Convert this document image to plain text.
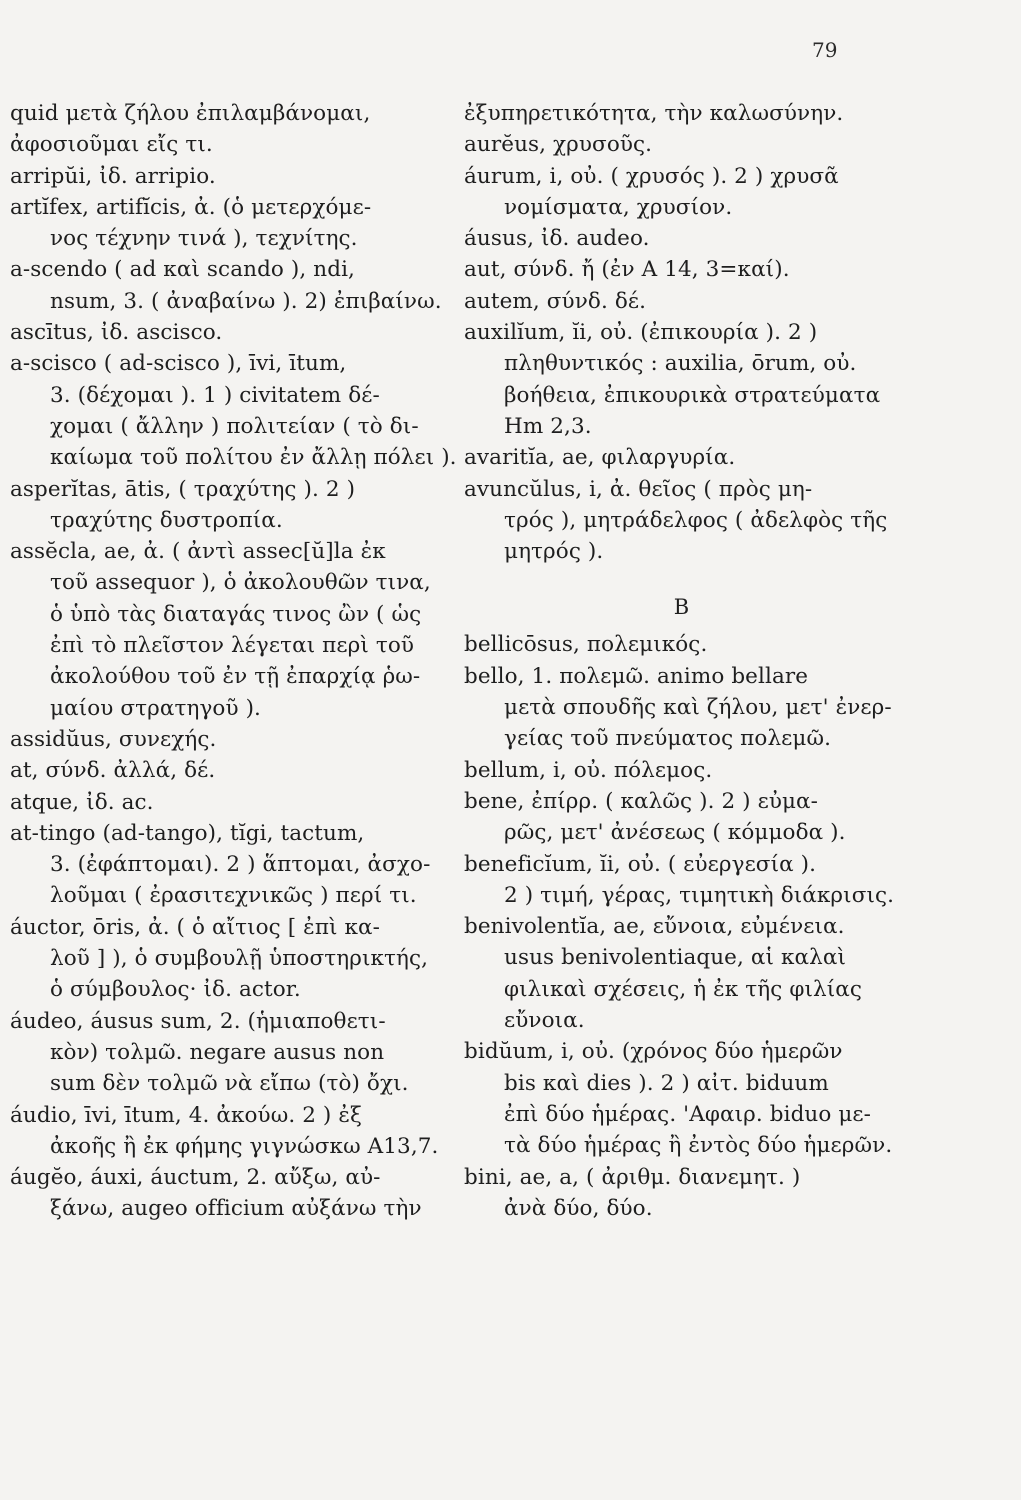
79
quid μετὰ ζήλου ἐπιλαμβάνομαι,
ἀφοσιοῦμαι εἴς τι.
arripŭi, ἰδ. arripio.
artĭfex, artifĭcis, ἀ. (ὁ μετερχόμε-
νος τέχνην τινά ), τεχνίτης.
a-scendo ( ad καὶ scando ), ndi,
nsum, 3. ( ἀναβαίνω ). 2) ἐπιβαίνω.
ascītus, ἰδ. ascisco.
a-scisco ( ad-scisco ), īvi, ītum,
3. (δέχομαι ). 1 ) civitatem δέ-
χομαι ( ἄλλην ) πολιτείαν ( τὸ δι-
καίωμα τοῦ πολίτου ἐν ἄλλῃ πόλει ).
asperĭtas, ātis, ( τραχύτης ). 2 )
τραχύτης δυστροπία.
assĕcla, ae, ἀ. ( ἀντὶ assec[ŭ]la ἐκ
τοῦ assequor ), ὁ ἀκολουθῶν τινα,
ὁ ὑπὸ τὰς διαταγάς τινος ὢν ( ὡς
ἐπὶ τὸ πλεῖστον λέγεται περὶ τοῦ
ἀκολούθου τοῦ ἐν τῇ ἐπαρχίᾳ ῥω-
μαίου στρατηγοῦ ).
assidŭus, συνεχής.
at, σύνδ. ἀλλά, δέ.
atque, ἰδ. ac.
at-tingo (ad-tango), tĭgi, tactum,
3. (ἐφάπτομαι). 2 ) ἅπτομαι, ἀσχο-
λοῦμαι ( ἐρασιτεχνικῶς ) περί τι.
áuctor, ōris, ἀ. ( ὁ αἴτιος [ ἐπὶ κα-
λοῦ ] ), ὁ συμβουλῇ ὑποστηρικτής,
ὁ σύμβουλος· ἰδ. actor.
áudeo, áusus sum, 2. (ἡμιαποθετι-
κὸν) τολμῶ. negare ausus non
sum δὲν τολμῶ νὰ εἴπω (τὸ) ὄχι.
áudio, īvi, ītum, 4. ἀκούω. 2 ) ἐξ
ἀκοῆς ἢ ἐκ φήμης γιγνώσκω A13,7.
áugĕo, áuxi, áuctum, 2. αὔξω, αὐ-
ξάνω, augeo officium αὐξάνω τὴν
ἐξυπηρετικότητα, τὴν καλωσύνην.
aurĕus, χρυσοῦς.
áurum, i, οὐ. ( χρυσός ). 2 ) χρυσᾶ
νομίσματα, χρυσίον.
áusus, ἰδ. audeo.
aut, σύνδ. ἤ (ἐν A 14, 3=καί).
autem, σύνδ. δέ.
auxilĭum, ĭi, οὐ. (ἐπικουρία ). 2 )
πληθυντικός : auxilia, ōrum, οὐ.
βοήθεια, ἐπικουρικὰ στρατεύματα
Hm 2,3.
avaritĭa, ae, φιλαργυρία.
avuncŭlus, i, ἀ. θεῖος ( πρὸς μη-
τρός ), μητράδελφος ( ἀδελφὸς τῆς
μητρός ).
B
bellicōsus, πολεμικός.
bello, 1. πολεμῶ. animo bellare
μετὰ σπουδῆς καὶ ζήλου, μετ' ἐνερ-
γείας τοῦ πνεύματος πολεμῶ.
bellum, i, οὐ. πόλεμος.
bene, ἐπίρρ. ( καλῶς ). 2 ) εὐμα-
ρῶς, μετ' ἀνέσεως ( κόμμοδα ).
beneficĭum, ĭi, οὐ. ( εὐεργεσία ).
2 ) τιμή, γέρας, τιμητικὴ διάκρισις.
benivolentĭa, ae, εὔνοια, εὐμένεια.
usus benivolentiaque, αἱ καλαὶ
φιλικαὶ σχέσεις, ἡ ἐκ τῆς φιλίας
εὔνοια.
bidŭum, i, οὐ. (χρόνος δύο ἡμερῶν
bis καὶ dies ). 2 ) αἰτ. biduum
ἐπὶ δύο ἡμέρας. 'Αφαιρ. biduo με-
τὰ δύο ἡμέρας ἢ ἐντὸς δύο ἡμερῶν.
bini, ae, a, ( ἀριθμ. διανεμητ. )
ἀνὰ δύο, δύο.
